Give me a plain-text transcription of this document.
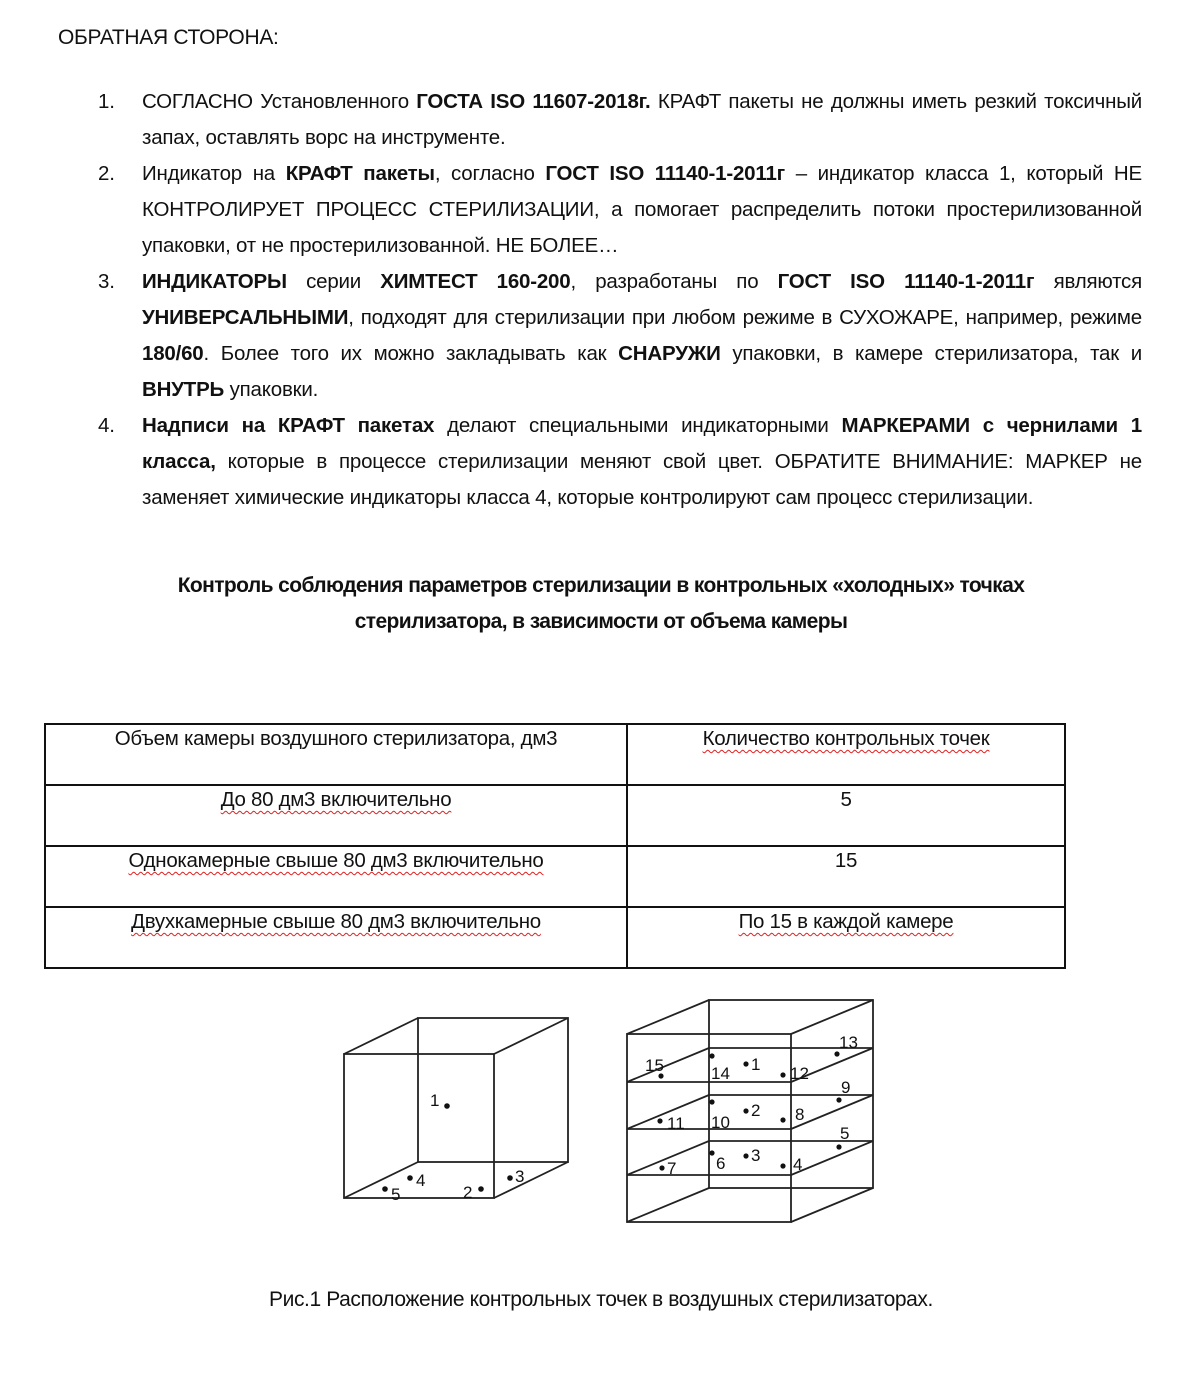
ОБРАТНАЯ СТОРОНА:
1. СОГЛАСНО Установленного ГОСТА ISO 11607-2018г. КРАФТ пакеты не должны иметь резкий токсичный запах, оставлять ворс на инструменте.
2. Индикатор на КРАФТ пакеты, согласно ГОСТ ISO 11140-1-2011г – индикатор класса 1, который НЕ КОНТРОЛИРУЕТ ПРОЦЕСС СТЕРИЛИЗАЦИИ, а помогает распределить потоки простерилизованной упаковки, от не простерилизованной. НЕ БОЛЕЕ…
3. ИНДИКАТОРЫ серии ХИМТЕСТ 160-200, разработаны по ГОСТ ISO 11140-1-2011г являются УНИВЕРСАЛЬНЫМИ, подходят для стерилизации при любом режиме в СУХОЖАРЕ, например, режиме 180/60. Более того их можно закладывать как СНАРУЖИ упаковки, в камере стерилизатора, так и ВНУТРЬ упаковки.
4. Надписи на КРАФТ пакетах делают специальными индикаторными МАРКЕРАМИ с чернилами 1 класса, которые в процессе стерилизации меняют свой цвет. ОБРАТИТЕ ВНИМАНИЕ: МАРКЕР не заменяет химические индикаторы класса 4, которые контролируют сам процесс стерилизации.
Контроль соблюдения параметров стерилизации в контрольных «холодных» точках
стерилизатора, в зависимости от объема камеры
Объем камеры воздушного стерилизатора, дм3	Количество контрольных точек
До 80 дм3 включительно	5
Однокамерные свыше 80 дм3 включительно	15
Двухкамерные свыше 80 дм3 включительно	По 15 в каждой камере
1
2
3
4
5
1
2
3 4
5
6
7
8
9
10
11
12
13
14
15
Рис.1 Расположение контрольных точек в воздушных стерилизаторах.
